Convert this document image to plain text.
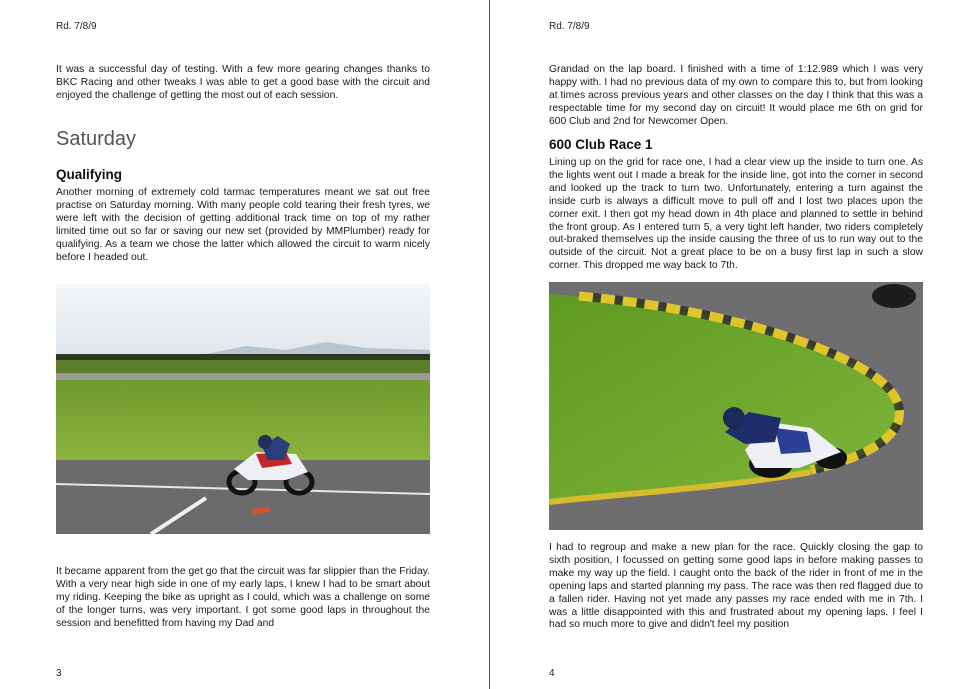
Rd. 7/8/9

It was a successful day of testing. With a few more gearing changes thanks to BKC Racing and other tweaks I was able to get a good base with the circuit and enjoyed the challenge of getting the most out of each session.

Saturday
Qualifying

Another morning of extremely cold tarmac temperatures meant we sat out free practise on Saturday morning. With many people cold tearing their fresh tyres, we were left with the decision of getting additional track time on top of my rather limited time out so far or saving our new set (provided by MMPlumber) ready for qualifying. As a team we chose the latter which allowed the circuit to warm nicely before I headed out.

It became apparent from the get go that the circuit was far slippier than the Friday. With a very near high side in one of my early laps, I knew I had to be smart about my riding. Keeping the bike as upright as I could, which was a challenge on some of the longer turns, was very important. I got some good laps in throughout the session and benefitted from having my Dad and

3
Rd. 7/8/9

Grandad on the lap board. I finished with a time of 1:12.989 which I was very happy with. I had no previous data of my own to compare this to, but from looking at times across previous years and other classes on the day I think that this was a respectable time for my second day on circuit! It would place me 6th on grid for 600 Club and 2nd for Newcomer Open.

600 Club Race 1

Lining up on the grid for race one, I had a clear view up the inside to turn one. As the lights went out I made a break for the inside line, got into the corner in second and looked up the track to turn two. Unfortunately, entering a turn against the inside curb is always a difficult move to pull off and I lost two places upon the corner exit. I then got my head down in 4th place and planned to settle in behind the front group. As I entered turn 5, a very tight left hander, two riders completely out-braked themselves up the inside causing the three of us to run way out to the outside of the circuit. Not a great place to be on a busy first lap in such a slow corner. This dropped me way back to 7th.

I had to regroup and make a new plan for the race. Quickly closing the gap to sixth position, I focussed on getting some good laps in before making passes to make my way up the field. I caught onto the back of the rider in front of me in the opening laps and started planning my pass. The race was then red flagged due to a fallen rider. Having not yet made any passes my race ended with me in 7th. I was a little disappointed with this and frustrated about my opening laps. I feel I had so much more to give and didn't feel my position

4
